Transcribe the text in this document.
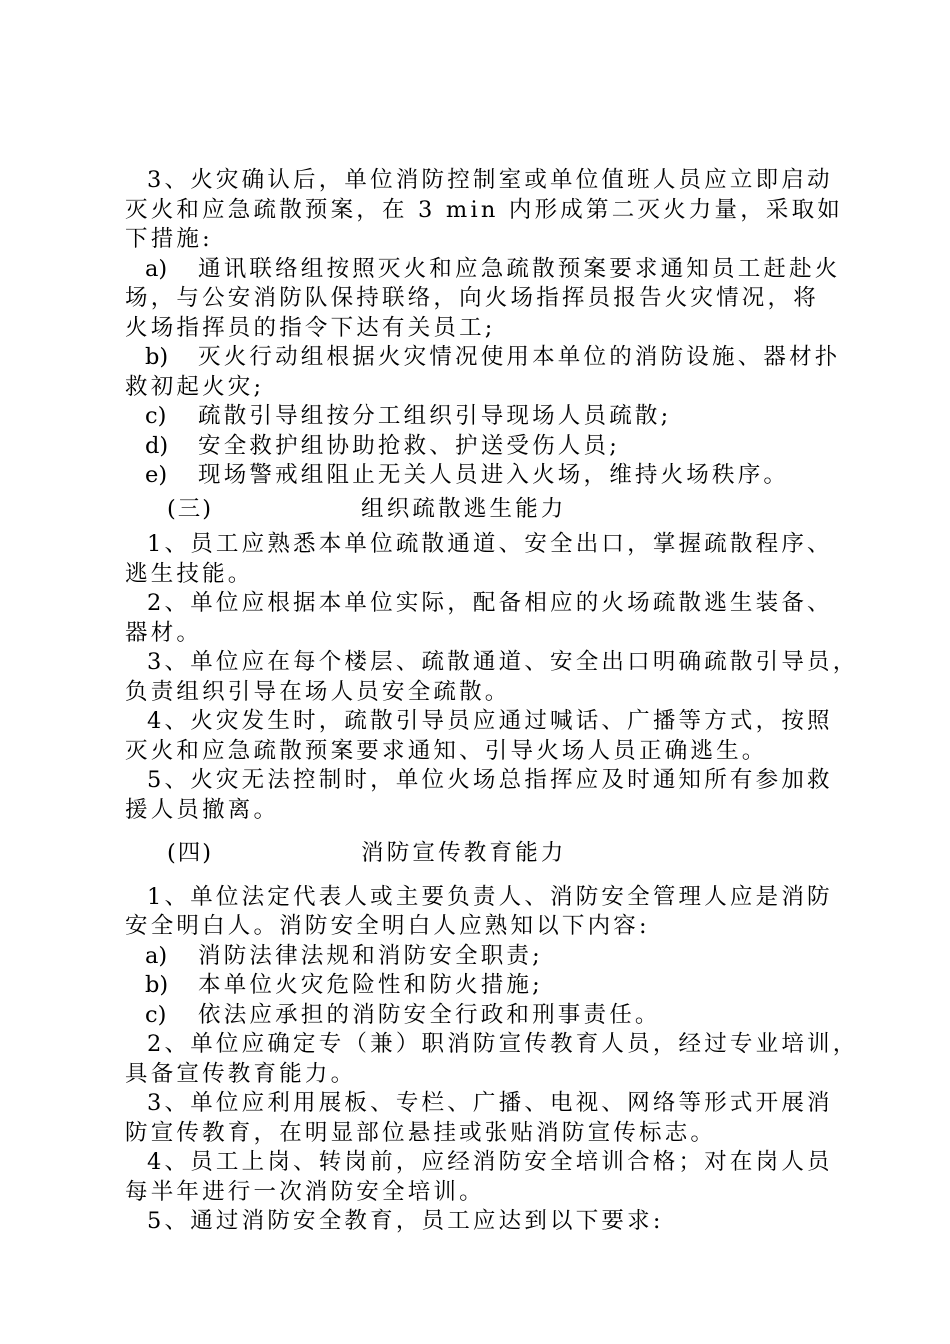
3、火灾确认后，单位消防控制室或单位值班人员应立即启动

灭火和应急疏散预案，在 3 min 内形成第二灭火力量，采取如

下措施:

a) 通讯联络组按照灭火和应急疏散预案要求通知员工赶赴火

场，与公安消防队保持联络，向火场指挥员报告火灾情况，将

火场指挥员的指令下达有关员工;

b) 灭火行动组根据火灾情况使用本单位的消防设施、器材扑

救初起火灾;

c) 疏散引导组按分工组织引导现场人员疏散;

d) 安全救护组协助抢救、护送受伤人员;

e) 现场警戒组阻止无关人员进入火场，维持火场秩序。

(三)	组织疏散逃生能力

1、员工应熟悉本单位疏散通道、安全出口，掌握疏散程序、

逃生技能。

2、单位应根据本单位实际，配备相应的火场疏散逃生装备、

器材。

3、单位应在每个楼层、疏散通道、安全出口明确疏散引导员，

负责组织引导在场人员安全疏散。

4、火灾发生时，疏散引导员应通过喊话、广播等方式，按照

灭火和应急疏散预案要求通知、引导火场人员正确逃生。

5、火灾无法控制时，单位火场总指挥应及时通知所有参加救

援人员撤离。

(四)	消防宣传教育能力

1、单位法定代表人或主要负责人、消防安全管理人应是消防

安全明白人。消防安全明白人应熟知以下内容:

a) 消防法律法规和消防安全职责;

b) 本单位火灾危险性和防火措施;

c) 依法应承担的消防安全行政和刑事责任。

2、单位应确定专（兼）职消防宣传教育人员，经过专业培训，

具备宣传教育能力。

3、单位应利用展板、专栏、广播、电视、网络等形式开展消

防宣传教育，在明显部位悬挂或张贴消防宣传标志。

4、员工上岗、转岗前，应经消防安全培训合格；对在岗人员

每半年进行一次消防安全培训。

5、通过消防安全教育，员工应达到以下要求:
